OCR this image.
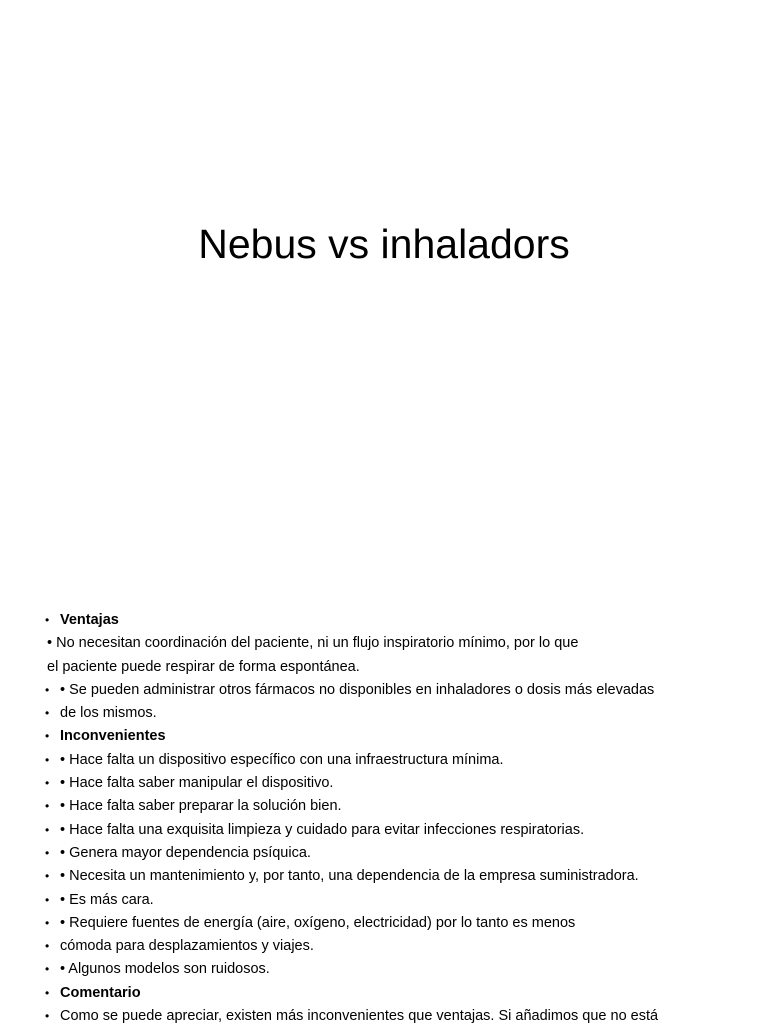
Nebus vs inhaladors
• Ventajas
• No necesitan coordinación del paciente, ni un flujo inspiratorio mínimo, por lo que
el paciente puede respirar de forma espontánea.
• • Se pueden administrar otros fármacos no disponibles en inhaladores o dosis más elevadas
• de los mismos.
• Inconvenientes
• • Hace falta un dispositivo específico con una infraestructura mínima.
• • Hace falta saber manipular el dispositivo.
• • Hace falta saber preparar la solución bien.
• • Hace falta una exquisita limpieza y cuidado para evitar infecciones respiratorias.
• • Genera mayor dependencia psíquica.
• • Necesita un mantenimiento y, por tanto, una dependencia de la empresa suministradora.
• • Es más cara.
• • Requiere fuentes de energía (aire, oxígeno, electricidad) por lo tanto es menos
• cómoda para desplazamientos y viajes.
• • Algunos modelos son ruidosos.
• Comentario
• Como se puede apreciar, existen más inconvenientes que ventajas. Si añadimos que no está
